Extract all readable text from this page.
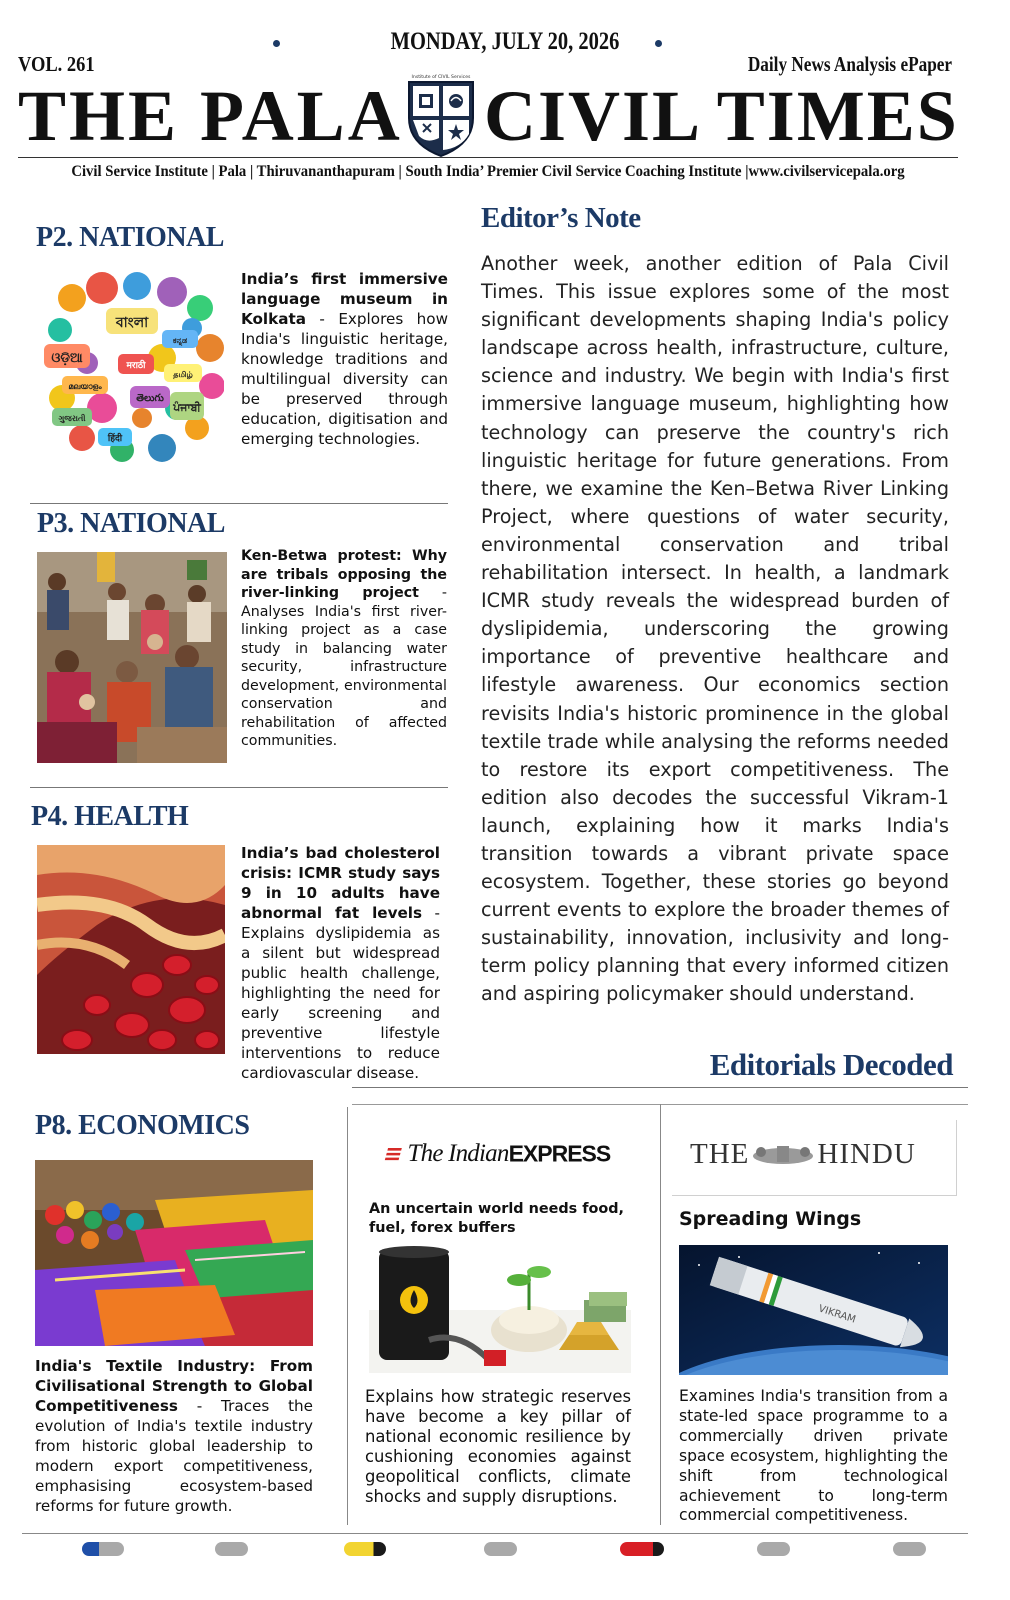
MONDAY, JULY 20, 2026
VOL. 261	Daily News Analysis ePaper
THE PALA Institute of CIVIL Services CIVIL TIMES
Civil Service Institute | Pala | Thiruvananthapuram | South India’ Premier Civil Service Coaching Institute |www.civilservicepala.org
P2. NATIONAL
বাংলা
ଓଡ଼ିଆ	मराठी
తెలుగు
ਪੰਜਾਬੀ
हिंदी
தமிழ்
ગુજરાતી
ಕನ್ನಡ
മലയാളം
India’s first immersive language museum in Kolkata - Explores how India's linguistic heritage, knowledge traditions and multilingual diversity can be preserved through education, digitisation and emerging technologies.
P3. NATIONAL
Ken-Betwa protest: Why are tribals opposing the river-linking project - Analyses India's first river-linking project as a case study in balancing water security, infrastructure development, environmental conservation and rehabilitation of affected communities.
P4. HEALTH
India’s bad cholesterol crisis: ICMR study says 9 in 10 adults have abnormal fat levels - Explains dyslipidemia as a silent but widespread public health challenge, highlighting the need for early screening and preventive lifestyle interventions to reduce cardiovascular disease.
Editor’s Note
Another week, another edition of Pala Civil Times. This issue explores some of the most significant developments shaping India's policy landscape across health, infrastructure, culture, science and industry. We begin with India's first immersive language museum, highlighting how technology can preserve the country's rich linguistic heritage for future generations. From there, we examine the Ken–Betwa River Linking Project, where questions of water security, environmental conservation and tribal rehabilitation intersect. In health, a landmark ICMR study reveals the widespread burden of dyslipidemia, underscoring the growing importance of preventive healthcare and lifestyle awareness. Our economics section revisits India's historic prominence in the global textile trade while analysing the reforms needed to restore its export competitiveness. The edition also decodes the successful Vikram-1 launch, explaining how it marks India's transition towards a vibrant private space ecosystem. Together, these stories go beyond current events to explore the broader themes of sustainability, innovation, inclusivity and long-term policy planning that every informed citizen and aspiring policymaker should understand.
Editorials Decoded
P8. ECONOMICS
India's Textile Industry: From Civilisational Strength to Global Competitiveness - Traces the evolution of India's textile industry from historic global leadership to modern export competitiveness, emphasising ecosystem-based reforms for future growth.
≡ The IndianEXPRESS
An uncertain world needs food, fuel, forex buffers
Explains how strategic reserves have become a key pillar of national economic resilience by cushioning economies against geopolitical conflicts, climate shocks and supply disruptions.
THE HINDU
Spreading Wings
VIKRAM
Examines India's transition from a state-led space programme to a commercially driven private space ecosystem, highlighting the shift from technological achievement to long-term commercial competitiveness.
